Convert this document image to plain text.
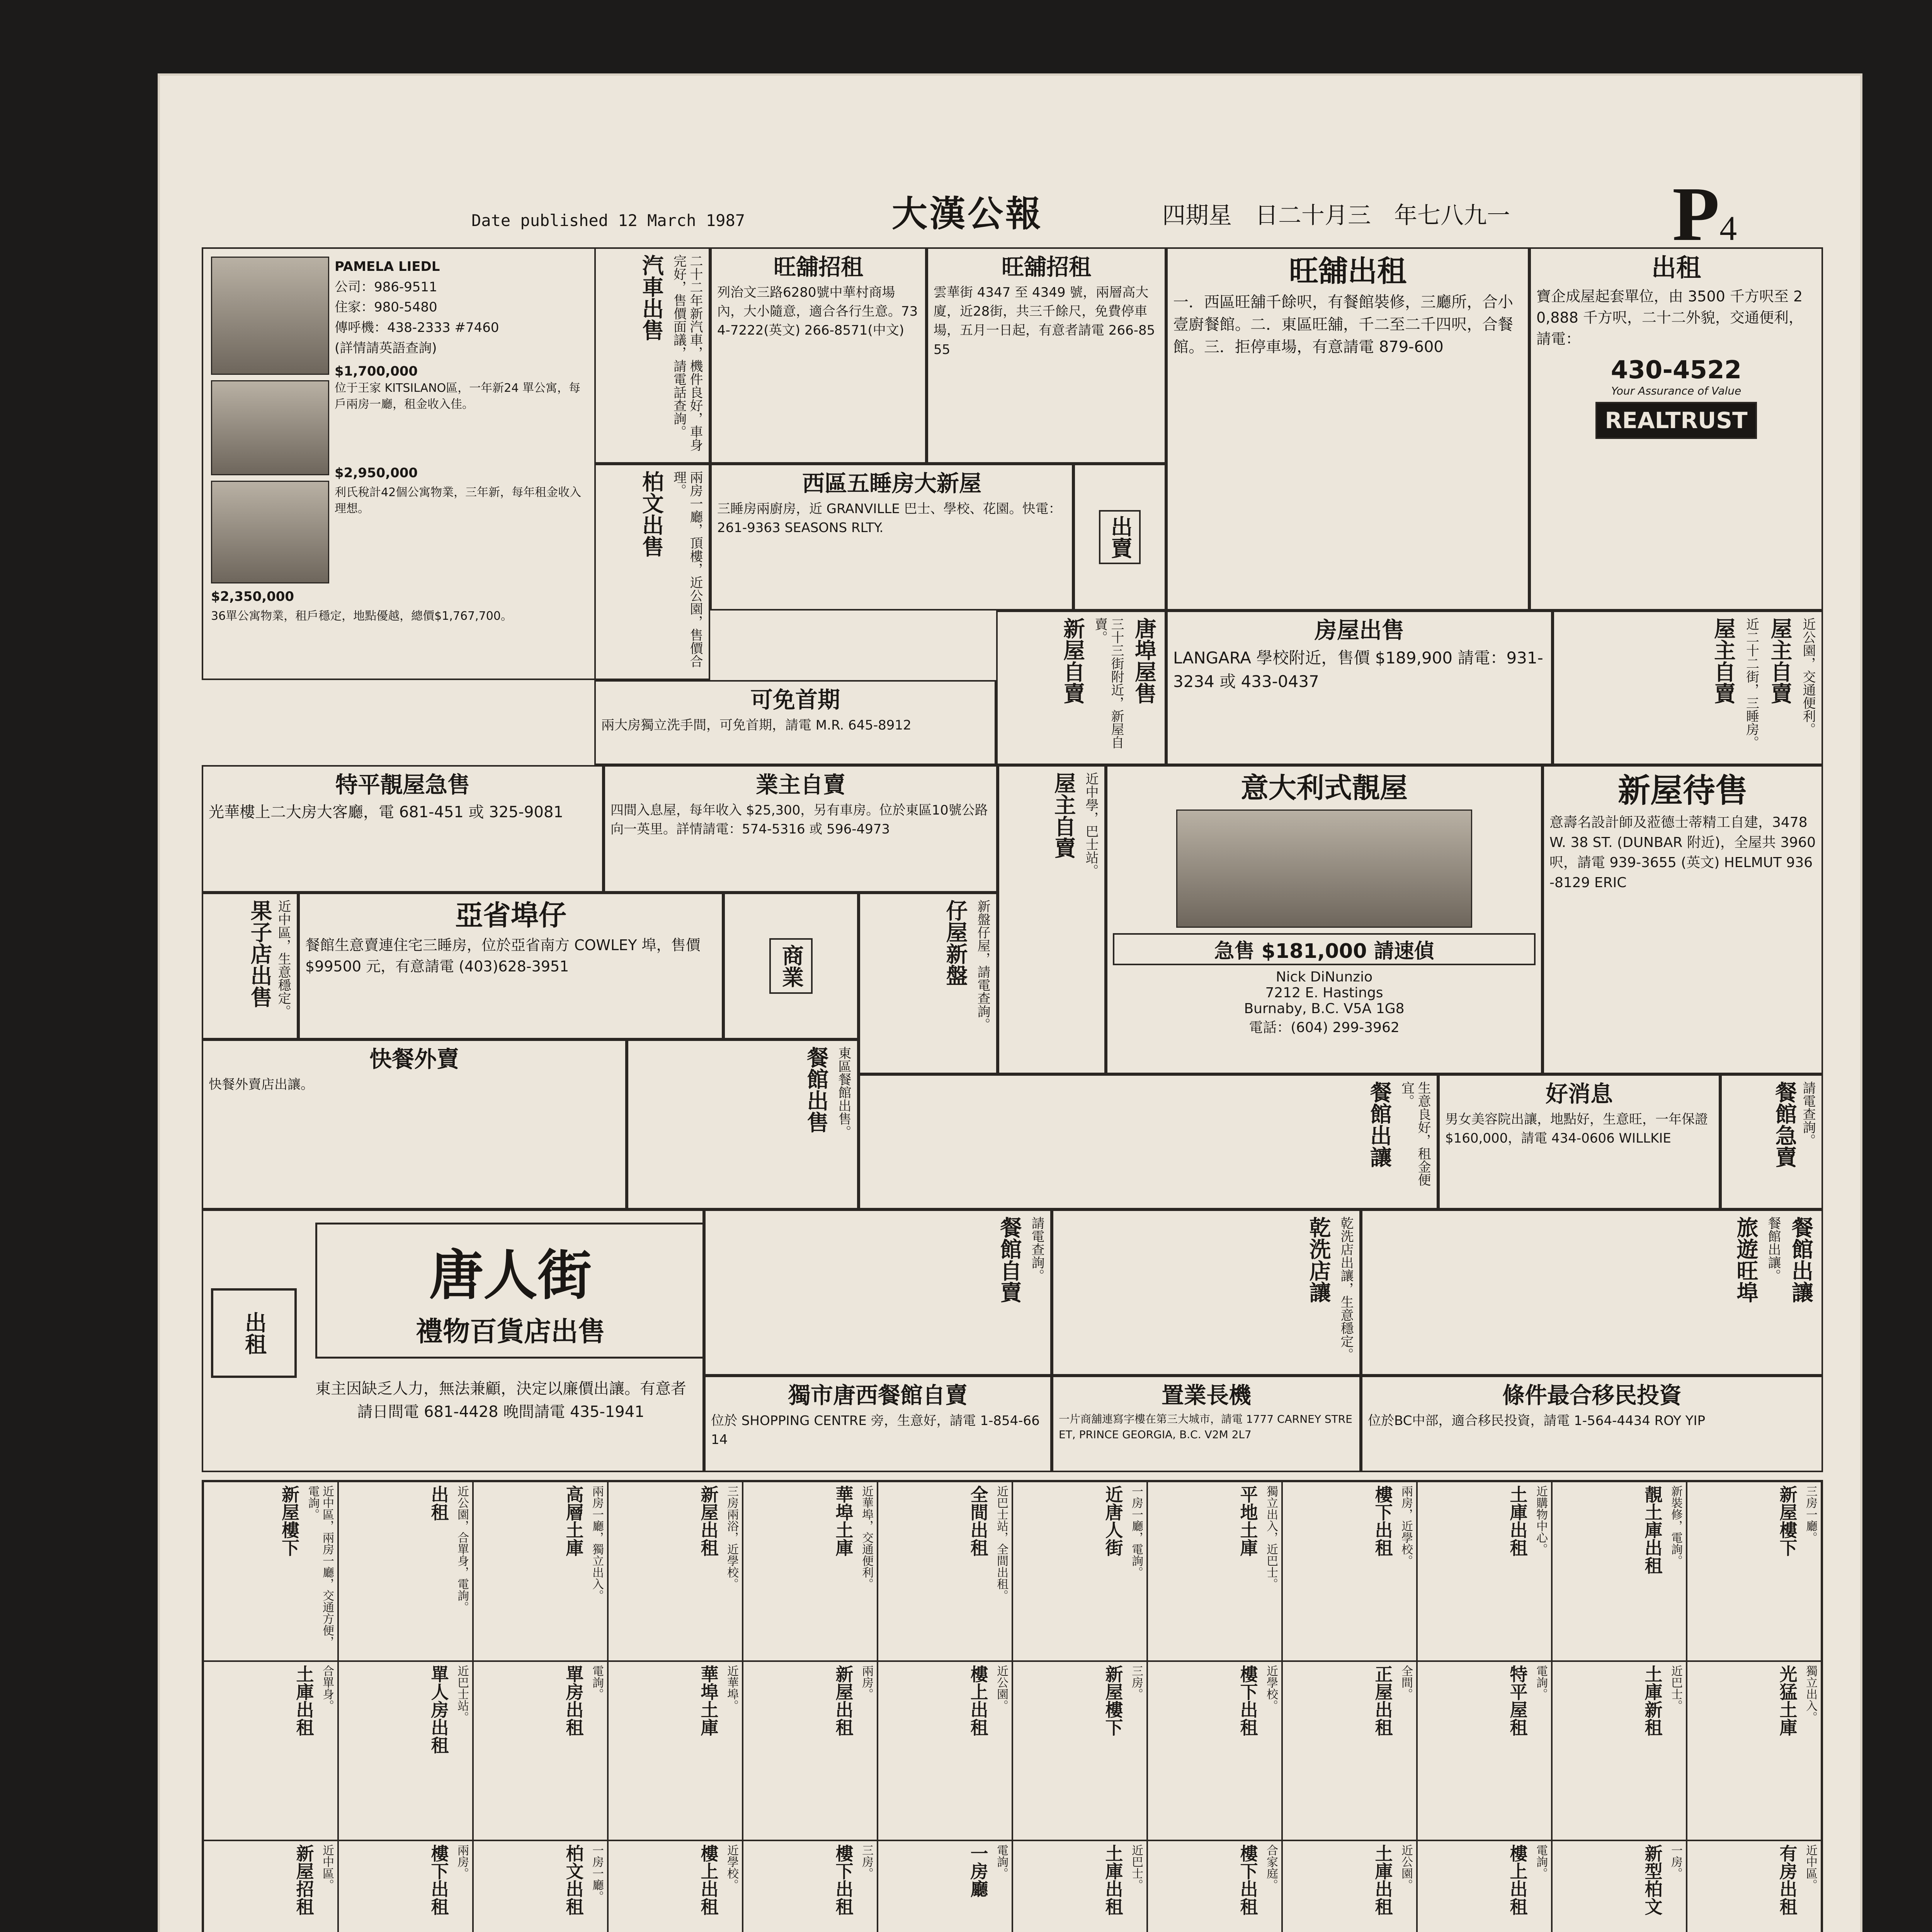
Date published 12 March 1987	大漢公報	四期星　日二十月三　年七八九一 P4
PAMELA LIEDL
公司：986-9511
住家：980-5480
傳呼機：438-2333 #7460
(詳情請英語查詢)
$1,700,000
位于王家 KITSILANO區，一年新24 單公寓，每戶兩房一廳，租金收入佳。
$2,950,000
利氏稅計42個公寓物業，三年新，每年租金收入理想。
$2,350,000
36單公寓物業，租戶穩定，地點優越，總價$1,767,700。
汽車出售	二十二年新汽車，機件良好，車身完好，售價面議，請電話查詢。	旺舖招租
列治文三路6280號中華村商場內，大小隨意，適合各行生意。734-7222(英文) 266-8571(中文)
旺舖招租
雲華街 4347 至 4349 號，兩層高大廈，近28街，共三千餘尺，免費停車場，五月一日起，有意者請電 266-8555
旺舖出租
一．西區旺舖千餘呎，有餐館裝修，三廳所，合小壹廚餐館。二．東區旺舖，千二至二千四呎，合餐館。三．拒停車場，有意請電 879-600
出租
寶企成屋起套單位，由 3500 千方呎至 20,888 千方呎，二十二外貌，交通便利，請電：
430-4522
Your Assurance of Value
REALTRUST
柏文出售	兩房一廳，頂樓，近公園，售價合理。	西區五睡房大新屋
三睡房兩廚房，近 GRANVILLE 巴士、學校、花園。快電：261-9363 SEASONS RLTY.	出賣
房屋出售
LANGARA 學校附近，售價 $189,900 請電：931-3234 或 433-0437	屋主自賣 近二十二街，三睡房。 屋主自賣 近公園，交通便利。
可免首期
兩大房獨立洗手間，可免首期，請電 M.R. 645-8912
新屋自賣	三十三街附近，新屋自賣。	唐埠屋售
特平靚屋急售
光華樓上二大房大客廳，電 681-451 或 325-9081
業主自賣
四間入息屋，每年收入 $25,300，另有車房。位於東區10號公路向一英里。詳情請電：574-5316 或 596-4973	屋主自賣 近中學，巴士站。	意大利式靚屋
急售 $181,000 請速偵
Nick DiNunzio
7212 E. Hastings
Burnaby, B.C. V5A 1G8
電話：(604) 299-3962
新屋待售
意壽名設計師及蒞德士蒂精工自建，3478 W. 38 ST. (DUNBAR 附近)，全屋共 3960呎，請電 939-3655 (英文) HELMUT 936-8129 ERIC
果子店出售 近中區，生意穩定。	亞省埠仔
餐館生意賣連住宅三睡房，位於亞省南方 COWLEY 埠，售價 $99500 元，有意請電 (403)628-3951	商業	仔屋新盤 新盤仔屋，請電查詢。
快餐外賣
快餐外賣店出讓。	餐館出售 東區餐館出售。	餐館出讓	生意良好，租金便宜。	好消息
男女美容院出讓，地點好，生意旺，一年保證 $160,000，請電 434-0606 WILLKIE	餐館急賣 請電查詢。
出租
唐人街
禮物百貨店出售
東主因缺乏人力，無法兼顧，決定以廉價出讓。有意者請日間電 681-4428 晚間請電 435-1941
餐館自賣 請電查詢。	乾洗店讓 乾洗店出讓，生意穩定。	旅遊旺埠 餐館出讓。 餐館出讓
獨市唐西餐館自賣
位於 SHOPPING CENTRE 旁，生意好，請電 1-854-6614
置業長機
一片商舖連寫字樓在第三大城市，請電 1777 CARNEY STREET, PRINCE GEORGIA, B.C. V2M 2L7
條件最合移民投資
位於BC中部，適合移民投資，請電 1-564-4434 ROY YIP
新屋樓下	近中區，兩房一廳，交通方便，電詢。	出租 近公園，合單身，電詢。	高層土庫 兩房一廳，獨立出入。	新屋出租 三房兩浴，近學校。	華埠土庫 近華埠，交通便利。	全間出租 近巴士站，全間出租。	近唐人街 一房一廳，電詢。	平地土庫 獨立出入，近巴士。	樓下出租 兩房，近學校。	土庫出租 近購物中心。	靚土庫出租 新裝修，電詢。	新屋樓下 三房一廳。
土庫出租 合單身。	單人房出租 近巴士站。	單房出租 電詢。	華埠土庫 近華埠。	新屋出租 兩房。	樓上出租 近公園。	新屋樓下 三房。	樓下出租 近學校。	正屋出租 全間。	特平屋租 電詢。	土庫新租 近巴士。	光猛土庫 獨立出入。
新屋招租 近中區。	樓下出租 兩房。	柏文出租 一房一廳。	樓上出租 近學校。	樓下出租 三房。	一房廳 電詢。	土庫出租 近巴士。	樓下出租 合家庭。	土庫出租 近公園。	樓上出租 電詢。	新型柏文 一房。	有房出租 近中區。
